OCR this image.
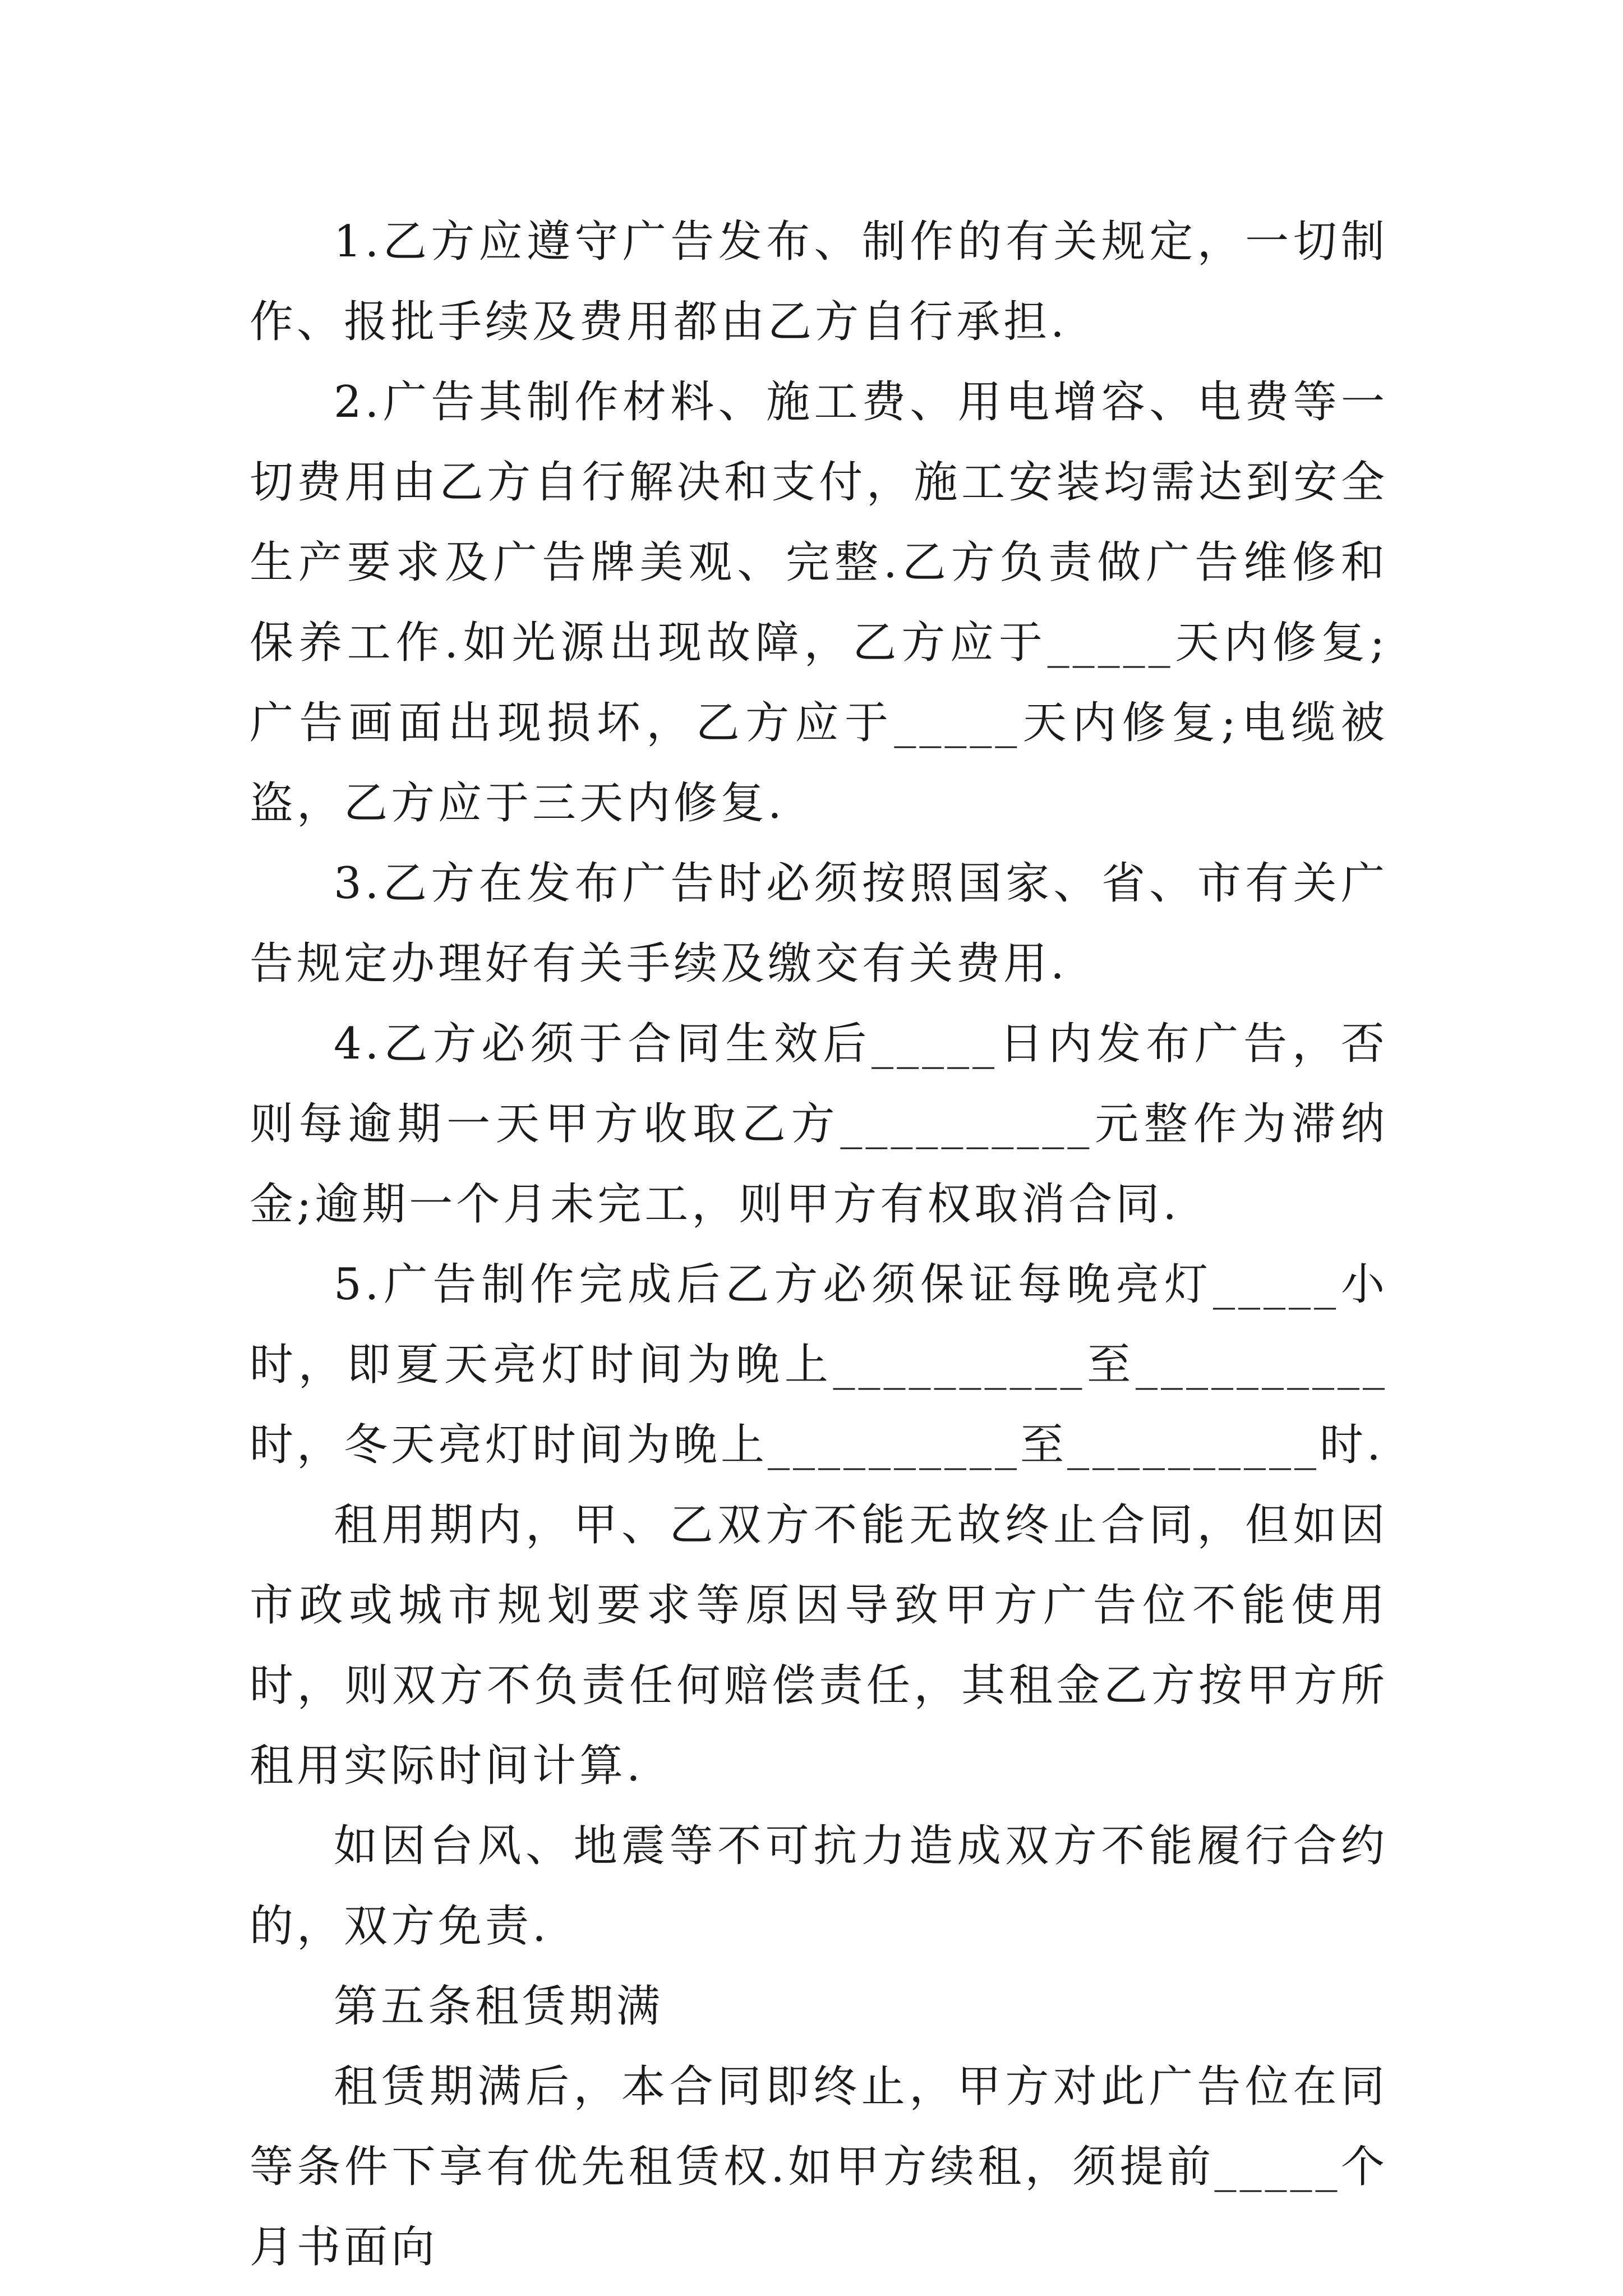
1.乙方应遵守广告发布、制作的有关规定，一切制作、报批手续及费用都由乙方自行承担.

2.广告其制作材料、施工费、用电增容、电费等一切费用由乙方自行解决和支付，施工安装均需达到安全生产要求及广告牌美观、完整.乙方负责做广告维修和保养工作.如光源出现故障，乙方应于_____天内修复;广告画面出现损坏，乙方应于_____天内修复;电缆被盗，乙方应于三天内修复.

3.乙方在发布广告时必须按照国家、省、市有关广告规定办理好有关手续及缴交有关费用.

4.乙方必须于合同生效后_____日内发布广告，否则每逾期一天甲方收取乙方__________元整作为滞纳金;逾期一个月未完工，则甲方有权取消合同.

5.广告制作完成后乙方必须保证每晚亮灯_____小时，即夏天亮灯时间为晚上__________至__________时，冬天亮灯时间为晚上__________至__________时.

租用期内，甲、乙双方不能无故终止合同，但如因市政或城市规划要求等原因导致甲方广告位不能使用时，则双方不负责任何赔偿责任，其租金乙方按甲方所租用实际时间计算.

如因台风、地震等不可抗力造成双方不能履行合约的，双方免责.

第五条租赁期满

租赁期满后，本合同即终止，甲方对此广告位在同等条件下享有优先租赁权.如甲方续租，须提前_____个月书面向
